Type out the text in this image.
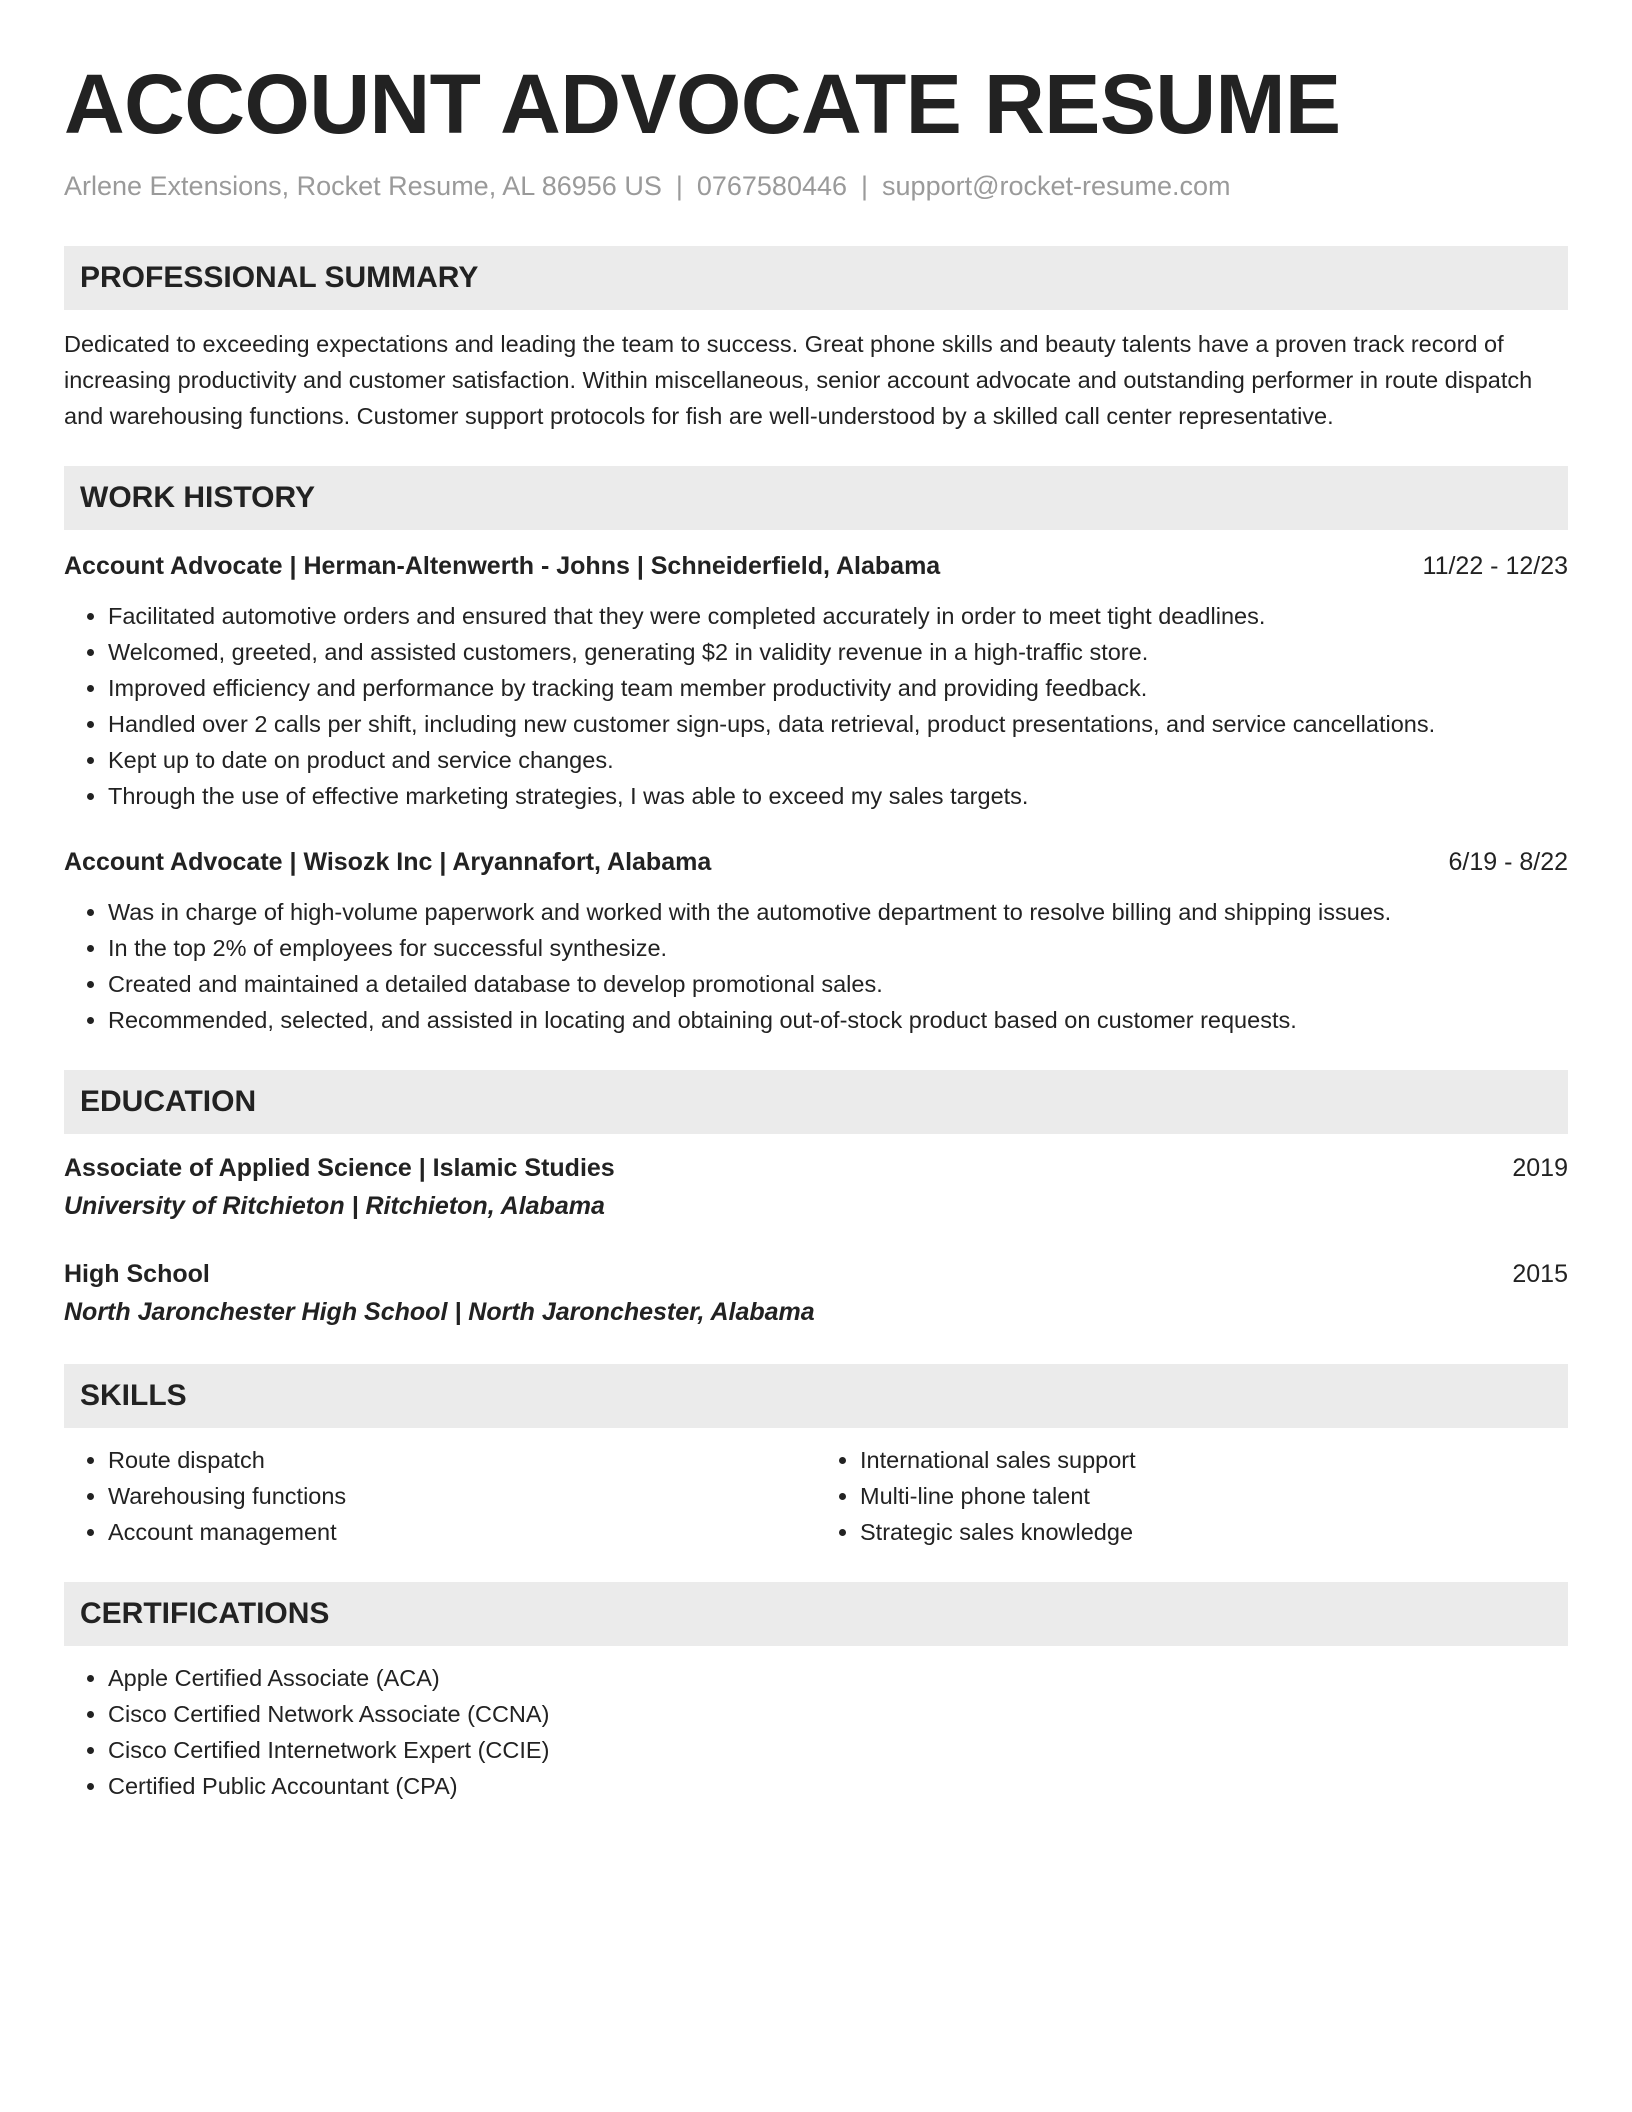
ACCOUNT ADVOCATE RESUME
Arlene Extensions, Rocket Resume, AL 86956 US | 0767580446 | support@rocket-resume.com
PROFESSIONAL SUMMARY
Dedicated to exceeding expectations and leading the team to success. Great phone skills and beauty talents have a proven track record of increasing productivity and customer satisfaction. Within miscellaneous, senior account advocate and outstanding performer in route dispatch and warehousing functions. Customer support protocols for fish are well-understood by a skilled call center representative.
WORK HISTORY
Account Advocate | Herman-Altenwerth - Johns | Schneiderfield, Alabama	11/22 - 12/23
• Facilitated automotive orders and ensured that they were completed accurately in order to meet tight deadlines.
• Welcomed, greeted, and assisted customers, generating $2 in validity revenue in a high-traffic store.
• Improved efficiency and performance by tracking team member productivity and providing feedback.
• Handled over 2 calls per shift, including new customer sign-ups, data retrieval, product presentations, and service cancellations.
• Kept up to date on product and service changes.
• Through the use of effective marketing strategies, I was able to exceed my sales targets.
Account Advocate | Wisozk Inc | Aryannafort, Alabama	6/19 - 8/22
• Was in charge of high-volume paperwork and worked with the automotive department to resolve billing and shipping issues.
• In the top 2% of employees for successful synthesize.
• Created and maintained a detailed database to develop promotional sales.
• Recommended, selected, and assisted in locating and obtaining out-of-stock product based on customer requests.
EDUCATION
Associate of Applied Science | Islamic Studies	2019
University of Ritchieton | Ritchieton, Alabama
High School	2015
North Jaronchester High School | North Jaronchester, Alabama
SKILLS
• Route dispatch
• Warehousing functions
• Account management
• International sales support
• Multi-line phone talent
• Strategic sales knowledge
CERTIFICATIONS
• Apple Certified Associate (ACA)
• Cisco Certified Network Associate (CCNA)
• Cisco Certified Internetwork Expert (CCIE)
• Certified Public Accountant (CPA)
